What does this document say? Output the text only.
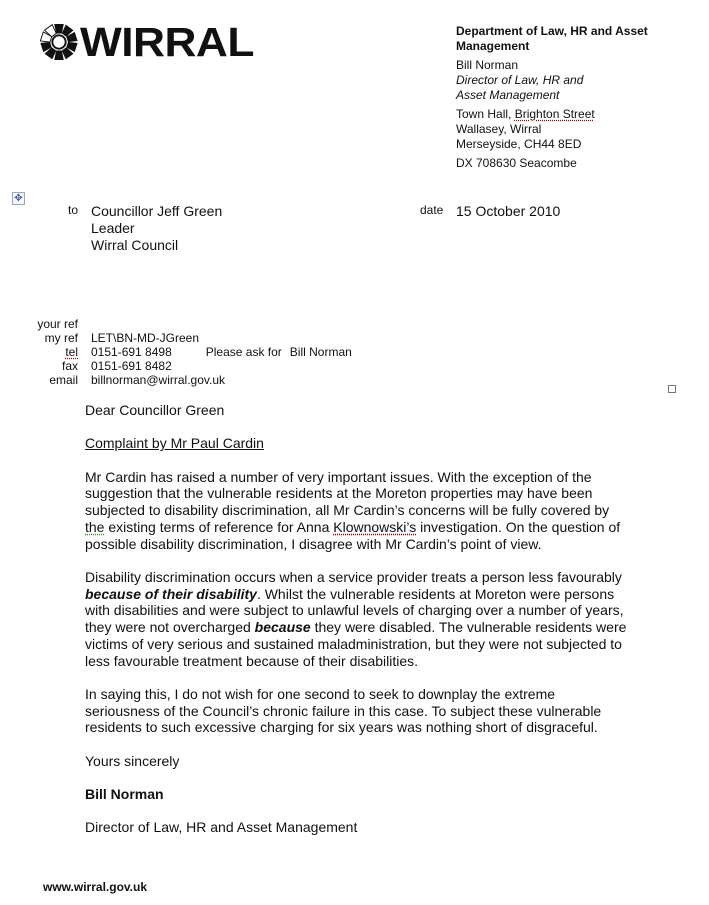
WIRRAL	Department of Law, HR and Asset Management
Bill Norman
Director of Law, HR and
Asset Management
Town Hall, Brighton Street
Wallasey, Wirral
Merseyside, CH44 8ED
DX 708630 Seacombe
✥
to Councillor Jeff Green
Leader
Wirral Council
date 15 October 2010
your ref
my ref LET\BN-MD-JGreen
tel 0151-691 8498	Please ask for Bill Norman
fax 0151-691 8482
email billnorman@wirral.gov.uk

Dear Councillor Green

Complaint by Mr Paul Cardin

Mr Cardin has raised a number of very important issues. With the exception of the suggestion that the vulnerable residents at the Moreton properties may have been subjected to disability discrimination, all Mr Cardin’s concerns will be fully covered by the existing terms of reference for Anna Klownowski’s investigation. On the question of possible disability discrimination, I disagree with Mr Cardin’s point of view.

Disability discrimination occurs when a service provider treats a person less favourably because of their disability. Whilst the vulnerable residents at Moreton were persons with disabilities and were subject to unlawful levels of charging over a number of years, they were not overcharged because they were disabled. The vulnerable residents were victims of very serious and sustained maladministration, but they were not subjected to less favourable treatment because of their disabilities.

In saying this, I do not wish for one second to seek to downplay the extreme seriousness of the Council’s chronic failure in this case. To subject these vulnerable residents to such excessive charging for six years was nothing short of disgraceful.

Yours sincerely

Bill Norman

Director of Law, HR and Asset Management

www.wirral.gov.uk
